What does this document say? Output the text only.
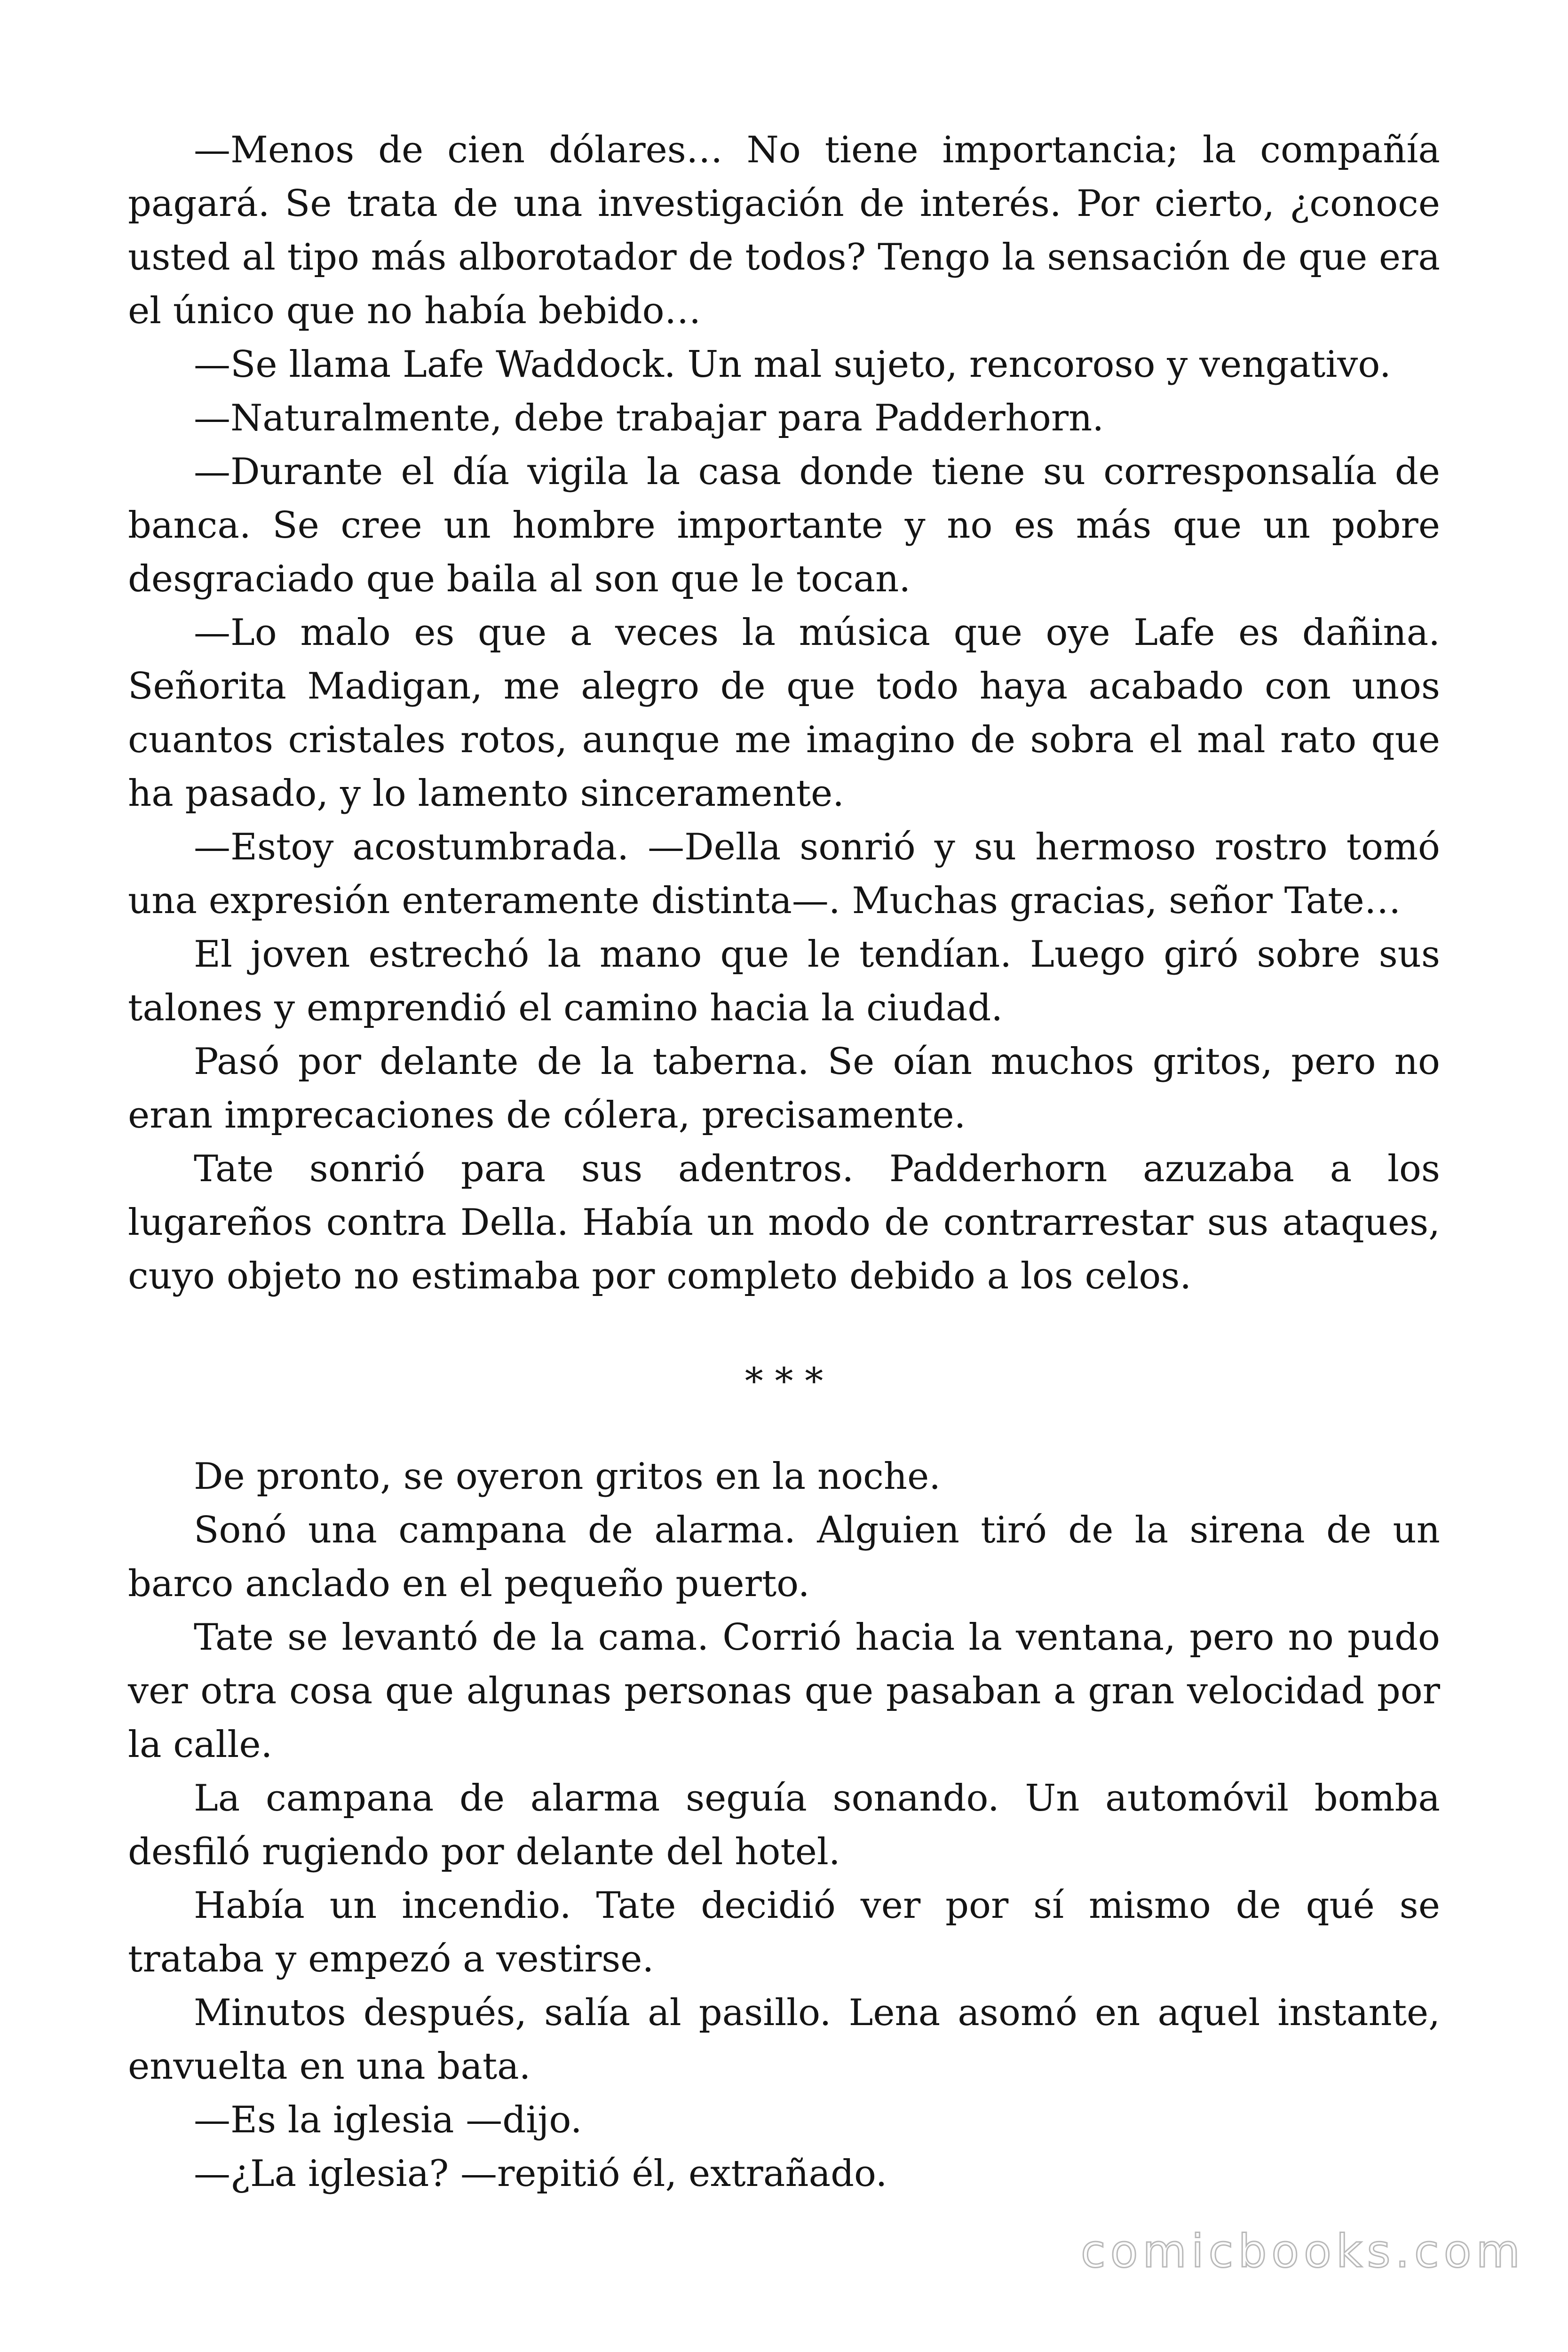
—Menos de cien dólares… No tiene importancia; la compañía pagará. Se trata de una investigación de interés. Por cierto, ¿conoce usted al tipo más alborotador de todos? Tengo la sensación de que era el único que no había bebido…

—Se llama Lafe Waddock. Un mal sujeto, rencoroso y vengativo.

—Naturalmente, debe trabajar para Padderhorn.

—Durante el día vigila la casa donde tiene su corresponsalía de banca. Se cree un hombre importante y no es más que un pobre desgraciado que baila al son que le tocan.

—Lo malo es que a veces la música que oye Lafe es dañina. Señorita Madigan, me alegro de que todo haya acabado con unos cuantos cristales rotos, aunque me imagino de sobra el mal rato que ha pasado, y lo lamento sinceramente.

—Estoy acostumbrada. —Della sonrió y su hermoso rostro tomó una expresión enteramente distinta—. Muchas gracias, señor Tate…

El joven estrechó la mano que le tendían. Luego giró sobre sus talones y emprendió el camino hacia la ciudad.

Pasó por delante de la taberna. Se oían muchos gritos, pero no eran imprecaciones de cólera, precisamente.

Tate sonrió para sus adentros. Padderhorn azuzaba a los lugareños contra Della. Había un modo de contrarrestar sus ataques, cuyo objeto no estimaba por completo debido a los celos.

* * *

De pronto, se oyeron gritos en la noche.

Sonó una campana de alarma. Alguien tiró de la sirena de un barco anclado en el pequeño puerto.

Tate se levantó de la cama. Corrió hacia la ventana, pero no pudo ver otra cosa que algunas personas que pasaban a gran velocidad por la calle.

La campana de alarma seguía sonando. Un automóvil bomba desfiló rugiendo por delante del hotel.

Había un incendio. Tate decidió ver por sí mismo de qué se trataba y empezó a vestirse.

Minutos después, salía al pasillo. Lena asomó en aquel instante, envuelta en una bata.

—Es la iglesia —dijo.

—¿La iglesia? —repitió él, extrañado.

comicbooks.com
